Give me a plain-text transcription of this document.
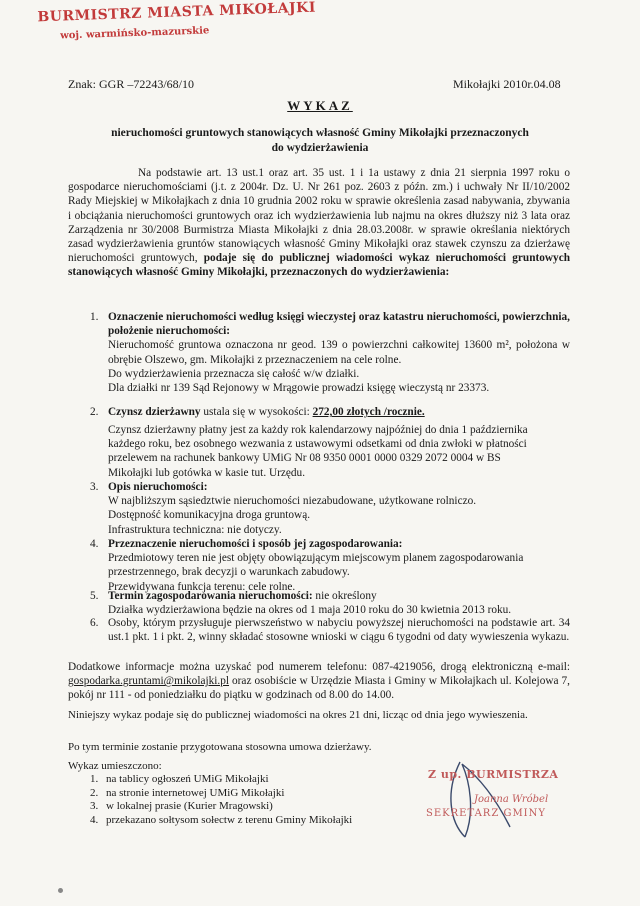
BURMISTRZ MIASTA MIKOŁAJKI
woj. warmińsko-mazurskie
Znak: GGR –72243/68/10	Mikołajki 2010r.04.08
WYKAZ
nieruchomości gruntowych stanowiących własność Gminy Mikołajki przeznaczonych do wydzierżawienia
Na podstawie art. 13 ust.1 oraz art. 35 ust. 1 i 1a ustawy z dnia 21 sierpnia 1997 roku o gospodarce nieruchomościami (j.t. z 2004r. Dz. U. Nr 261 poz. 2603 z późn. zm.) i uchwały Nr II/10/2002 Rady Miejskiej w Mikołajkach z dnia 10 grudnia 2002 roku w sprawie określenia zasad nabywania, zbywania i obciążania nieruchomości gruntowych oraz ich wydzierżawienia lub najmu na okres dłuższy niż 3 lata oraz Zarządzenia nr 30/2008 Burmistrza Miasta Mikołajki z dnia 28.03.2008r. w sprawie określania niektórych zasad wydzierżawienia gruntów stanowiących własność Gminy Mikołajki oraz stawek czynszu za dzierżawę nieruchomości gruntowych, podaje się do publicznej wiadomości wykaz nieruchomości gruntowych stanowiących własność Gminy Mikołajki, przeznaczonych do wydzierżawienia:
1. Oznaczenie nieruchomości według księgi wieczystej oraz katastru nieruchomości, powierzchnia, położenie nieruchomości:

Nieruchomość gruntowa oznaczona nr geod. 139 o powierzchni całkowitej 13600 m², położona w obrębie Olszewo, gm. Mikołajki z przeznaczeniem na cele rolne.

Do wydzierżawienia przeznacza się całość w/w działki.

Dla działki nr 139 Sąd Rejonowy w Mrągowie prowadzi księgę wieczystą nr 23373.

2. Czynsz dzierżawny ustala się w wysokości: 272,00 złotych /rocznie.

Czynsz dzierżawny płatny jest za każdy rok kalendarzowy najpóźniej do dnia 1 października każdego roku, bez osobnego wezwania z ustawowymi odsetkami od dnia zwłoki w płatności przelewem na rachunek bankowy UMiG Nr 08 9350 0001 0000 0329 2072 0004 w BS Mikołajki lub gotówka w kasie tut. Urzędu.

3. Opis nieruchomości:

W najbliższym sąsiedztwie nieruchomości niezabudowane, użytkowane rolniczo.

Dostępność komunikacyjna droga gruntową.

Infrastruktura techniczna: nie dotyczy.

4. Przeznaczenie nieruchomości i sposób jej zagospodarowania:

Przedmiotowy teren nie jest objęty obowiązującym miejscowym planem zagospodarowania przestrzennego, brak decyzji o warunkach zabudowy.

Przewidywana funkcja terenu: cele rolne.

5. Termin zagospodarowania nieruchomości: nie określony

Działka wydzierżawiona będzie na okres od 1 maja 2010 roku do 30 kwietnia 2013 roku.

6. Osoby, którym przysługuje pierwszeństwo w nabyciu powyższej nieruchomości na podstawie art. 34 ust.1 pkt. 1 i pkt. 2, winny składać stosowne wnioski w ciągu 6 tygodni od daty wywieszenia wykazu.

Dodatkowe informacje można uzyskać pod numerem telefonu: 087-4219056, drogą elektroniczną e-mail: gospodarka.gruntami@mikolajki.pl oraz osobiście w Urzędzie Miasta i Gminy w Mikołajkach ul. Kolejowa 7, pokój nr 111 - od poniedziałku do piątku w godzinach od 8.00 do 14.00.
Niniejszy wykaz podaje się do publicznej wiadomości na okres 21 dni, licząc od dnia jego wywieszenia.
Po tym terminie zostanie przygotowana stosowna umowa dzierżawy.
Wykaz umieszczono:
1. na tablicy ogłoszeń UMiG Mikołajki
2. na stronie internetowej UMiG Mikołajki
3. w lokalnej prasie (Kurier Mragowski)
4. przekazano sołtysom sołectw z terenu Gminy Mikołajki
Z up. BURMISTRZA
Joanna Wróbel
SEKRETARZ GMINY
